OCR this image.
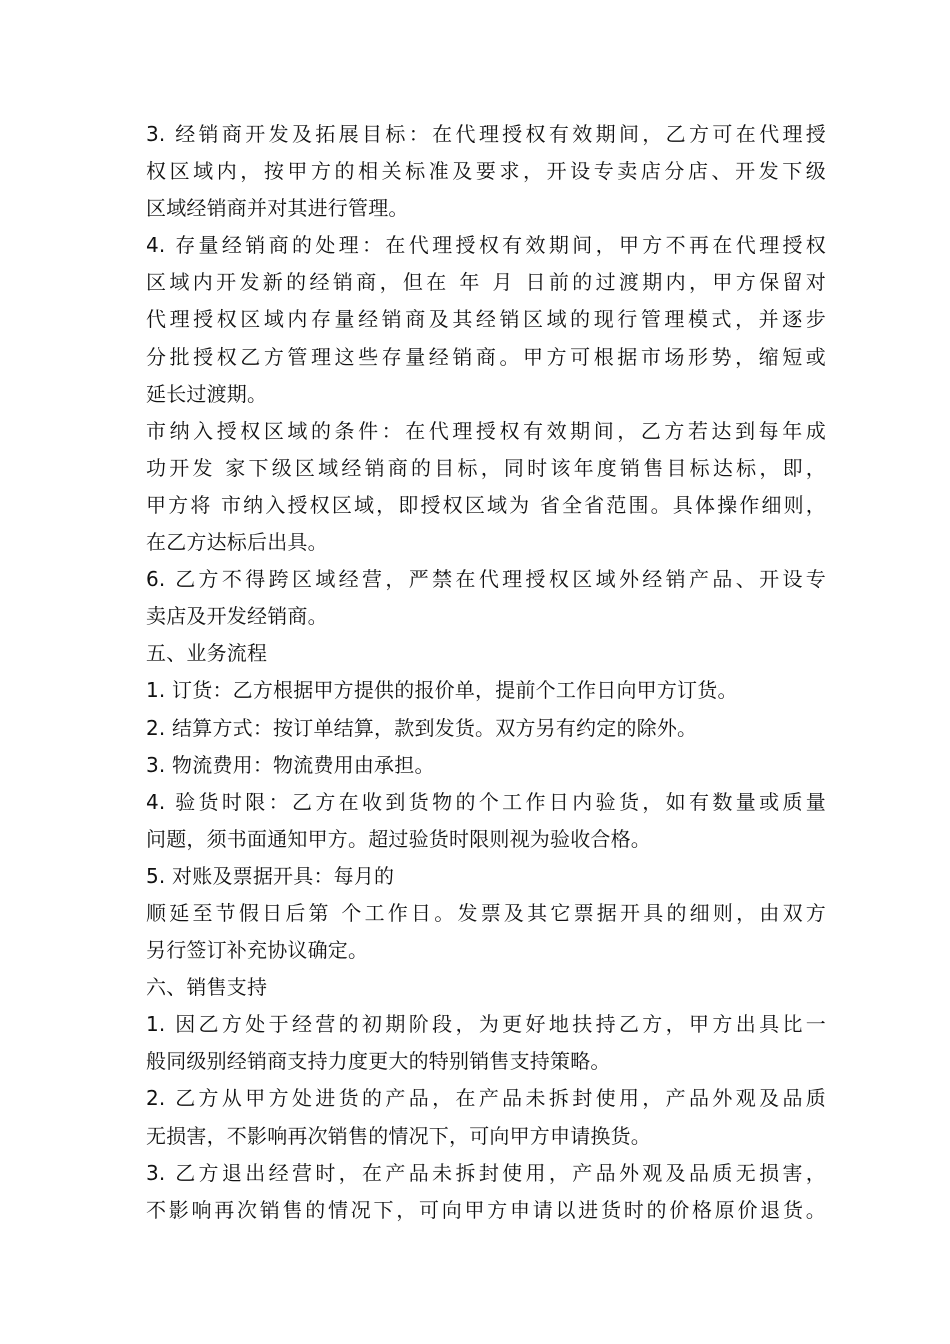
3. 经销商开发及拓展目标：在代理授权有效期间，乙方可在代理授
权区域内，按甲方的相关标准及要求，开设专卖店分店、开发下级
区域经销商并对其进行管理。
4. 存量经销商的处理：在代理授权有效期间，甲方不再在代理授权
区域内开发新的经销商，但在 年 月 日前的过渡期内，甲方保留对
代理授权区域内存量经销商及其经销区域的现行管理模式，并逐步
分批授权乙方管理这些存量经销商。甲方可根据市场形势，缩短或
延长过渡期。
市纳入授权区域的条件：在代理授权有效期间，乙方若达到每年成
功开发 家下级区域经销商的目标，同时该年度销售目标达标，即，
甲方将 市纳入授权区域，即授权区域为 省全省范围。具体操作细则，
在乙方达标后出具。
6. 乙方不得跨区域经营，严禁在代理授权区域外经销产品、开设专
卖店及开发经销商。
五、业务流程
1. 订货：乙方根据甲方提供的报价单，提前个工作日向甲方订货。
2. 结算方式：按订单结算，款到发货。双方另有约定的除外。
3. 物流费用：物流费用由承担。
4. 验货时限：乙方在收到货物的个工作日内验货，如有数量或质量
问题，须书面通知甲方。超过验货时限则视为验收合格。
5. 对账及票据开具：每月的
顺延至节假日后第 个工作日。发票及其它票据开具的细则，由双方
另行签订补充协议确定。
六、销售支持
1. 因乙方处于经营的初期阶段，为更好地扶持乙方，甲方出具比一
般同级别经销商支持力度更大的特别销售支持策略。
2. 乙方从甲方处进货的产品，在产品未拆封使用，产品外观及品质
无损害，不影响再次销售的情况下，可向甲方申请换货。
3. 乙方退出经营时，在产品未拆封使用，产品外观及品质无损害，
不影响再次销售的情况下，可向甲方申请以进货时的价格原价退货。
